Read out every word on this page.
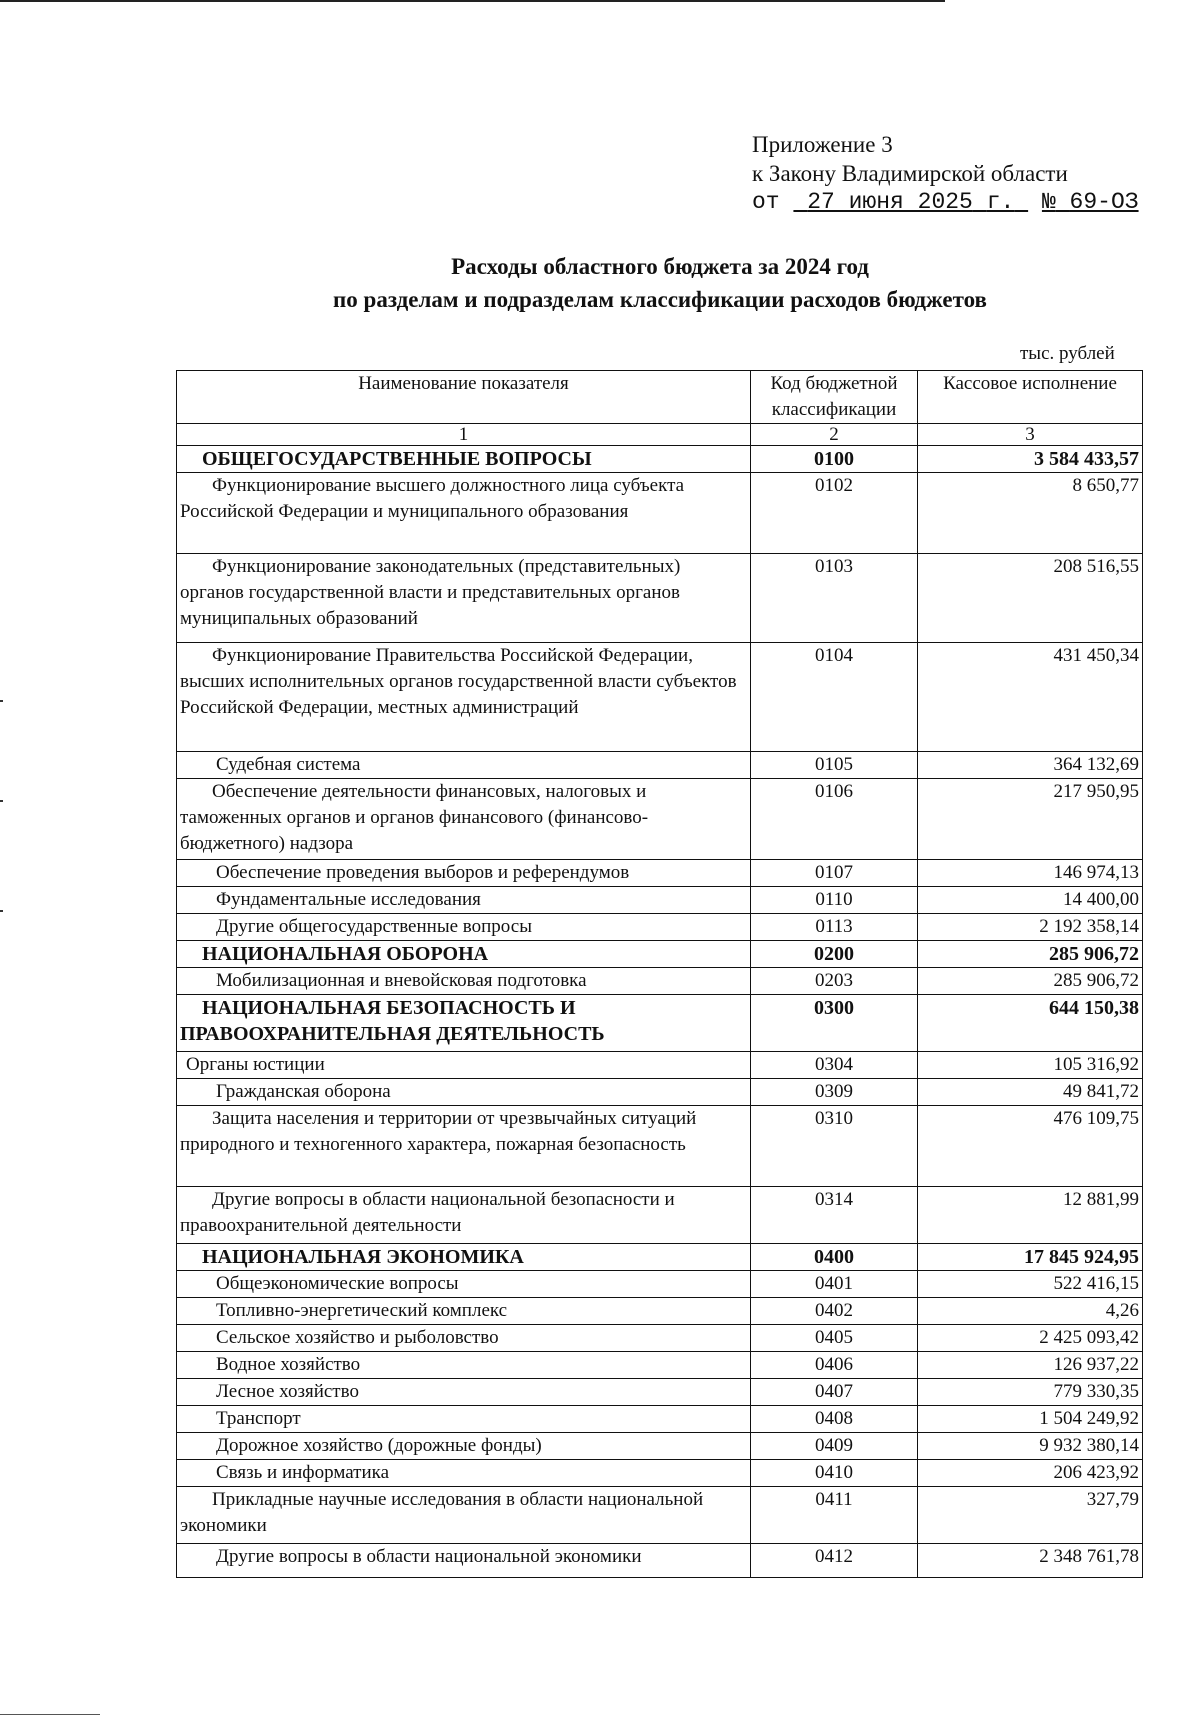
Приложение 3
к Закону Владимирской области
от 27 июня 2025 г. № 69-ОЗ
Расходы областного бюджета за 2024 год
по разделам и подразделам классификации расходов бюджетов
тыс. рублей
Наименование показателя	Код бюджетной классификации	Кассовое исполнение
1	2	3
ОБЩЕГОСУДАРСТВЕННЫЕ ВОПРОСЫ	0100	3 584 433,57

Функционирование высшего должностного лица субъекта Российской Федерации и муниципального образования	0102	8 650,77

Функционирование законодательных (представительных) органов государственной власти и представительных органов муниципальных образований	0103	208 516,55

Функционирование Правительства Российской Федерации, высших исполнительных органов государственной власти субъектов Российской Федерации, местных администраций	0104	431 450,34
Судебная система	0105	364 132,69

Обеспечение деятельности финансовых, налоговых и таможенных органов и органов финансового (финансово-бюджетного) надзора	0106	217 950,95
Обеспечение проведения выборов и референдумов	0107	146 974,13
Фундаментальные исследования	0110	14 400,00
Другие общегосударственные вопросы	0113	2 192 358,14
НАЦИОНАЛЬНАЯ ОБОРОНА	0200	285 906,72
Мобилизационная и вневойсковая подготовка	0203	285 906,72

НАЦИОНАЛЬНАЯ БЕЗОПАСНОСТЬ И ПРАВООХРАНИТЕЛЬНАЯ ДЕЯТЕЛЬНОСТЬ	0300	644 150,38
Органы юстиции	0304	105 316,92
Гражданская оборона	0309	49 841,72

Защита населения и территории от чрезвычайных ситуаций природного и техногенного характера, пожарная безопасность	0310	476 109,75

Другие вопросы в области национальной безопасности и правоохранительной деятельности	0314	12 881,99
НАЦИОНАЛЬНАЯ ЭКОНОМИКА	0400	17 845 924,95
Общеэкономические вопросы	0401	522 416,15
Топливно-энергетический комплекс	0402	4,26
Сельское хозяйство и рыболовство	0405	2 425 093,42
Водное хозяйство	0406	126 937,22
Лесное хозяйство	0407	779 330,35
Транспорт	0408	1 504 249,92
Дорожное хозяйство (дорожные фонды)	0409	9 932 380,14
Связь и информатика	0410	206 423,92

Прикладные научные исследования в области национальной экономики	0411	327,79
Другие вопросы в области национальной экономики	0412	2 348 761,78
